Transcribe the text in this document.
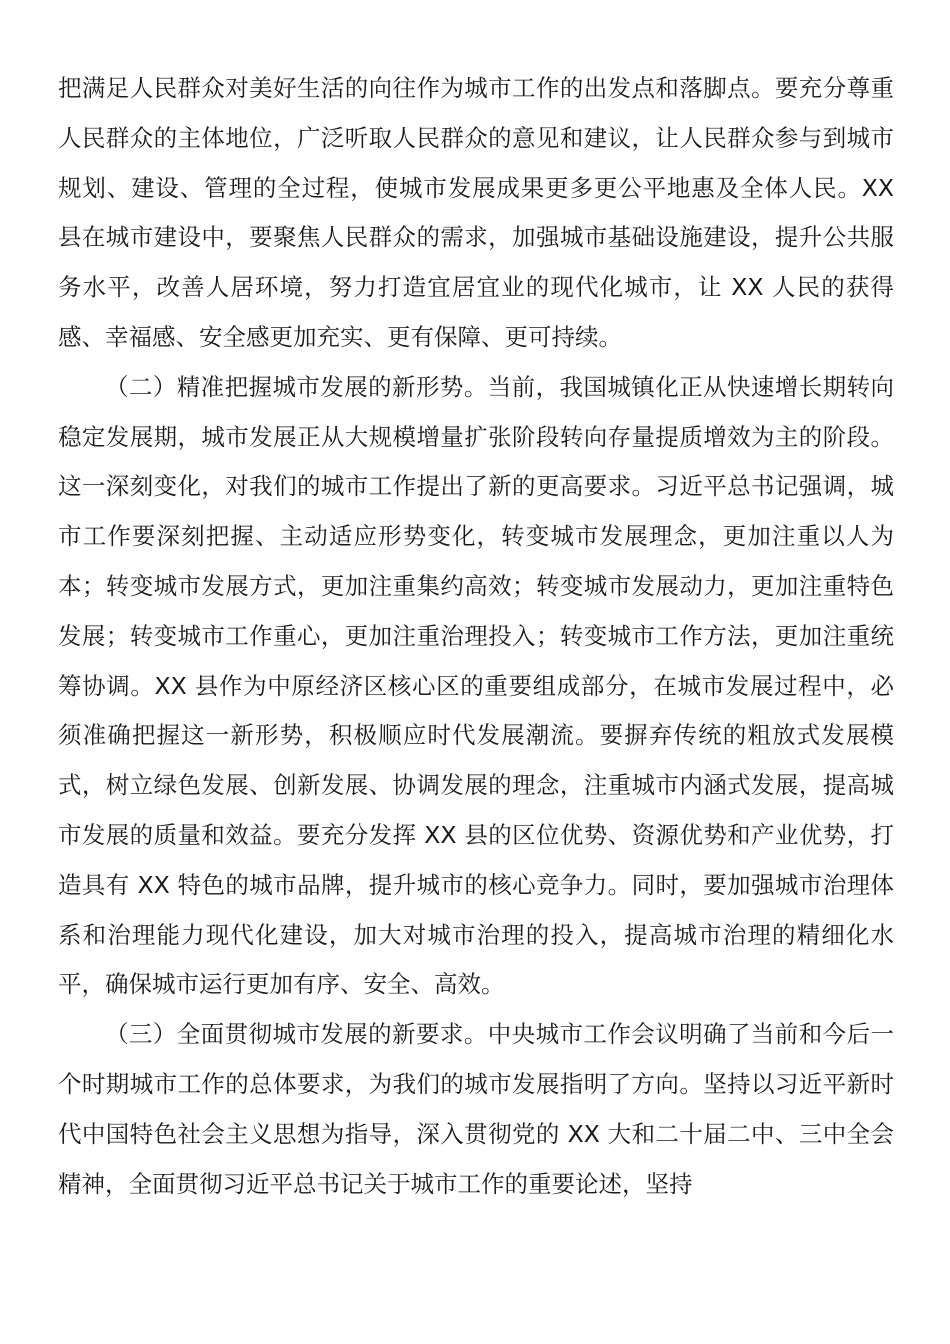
把满足人民群众对美好生活的向往作为城市工作的出发点和落脚点。要充分尊重人民群众的主体地位，广泛听取人民群众的意见和建议，让人民群众参与到城市规划、建设、管理的全过程，使城市发展成果更多更公平地惠及全体人民。XX 县在城市建设中，要聚焦人民群众的需求，加强城市基础设施建设，提升公共服务水平，改善人居环境，努力打造宜居宜业的现代化城市，让 XX 人民的获得感、幸福感、安全感更加充实、更有保障、更可持续。

（二）精准把握城市发展的新形势。当前，我国城镇化正从快速增长期转向稳定发展期，城市发展正从大规模增量扩张阶段转向存量提质增效为主的阶段。这一深刻变化，对我们的城市工作提出了新的更高要求。习近平总书记强调，城市工作要深刻把握、主动适应形势变化，转变城市发展理念，更加注重以人为本；转变城市发展方式，更加注重集约高效；转变城市发展动力，更加注重特色发展；转变城市工作重心，更加注重治理投入；转变城市工作方法，更加注重统筹协调。XX 县作为中原经济区核心区的重要组成部分，在城市发展过程中，必须准确把握这一新形势，积极顺应时代发展潮流。要摒弃传统的粗放式发展模式，树立绿色发展、创新发展、协调发展的理念，注重城市内涵式发展，提高城市发展的质量和效益。要充分发挥 XX 县的区位优势、资源优势和产业优势，打造具有 XX 特色的城市品牌，提升城市的核心竞争力。同时，要加强城市治理体系和治理能力现代化建设，加大对城市治理的投入，提高城市治理的精细化水平，确保城市运行更加有序、安全、高效。

（三）全面贯彻城市发展的新要求。中央城市工作会议明确了当前和今后一个时期城市工作的总体要求，为我们的城市发展指明了方向。坚持以习近平新时代中国特色社会主义思想为指导，深入贯彻党的 XX 大和二十届二中、三中全会精神，全面贯彻习近平总书记关于城市工作的重要论述，坚持
